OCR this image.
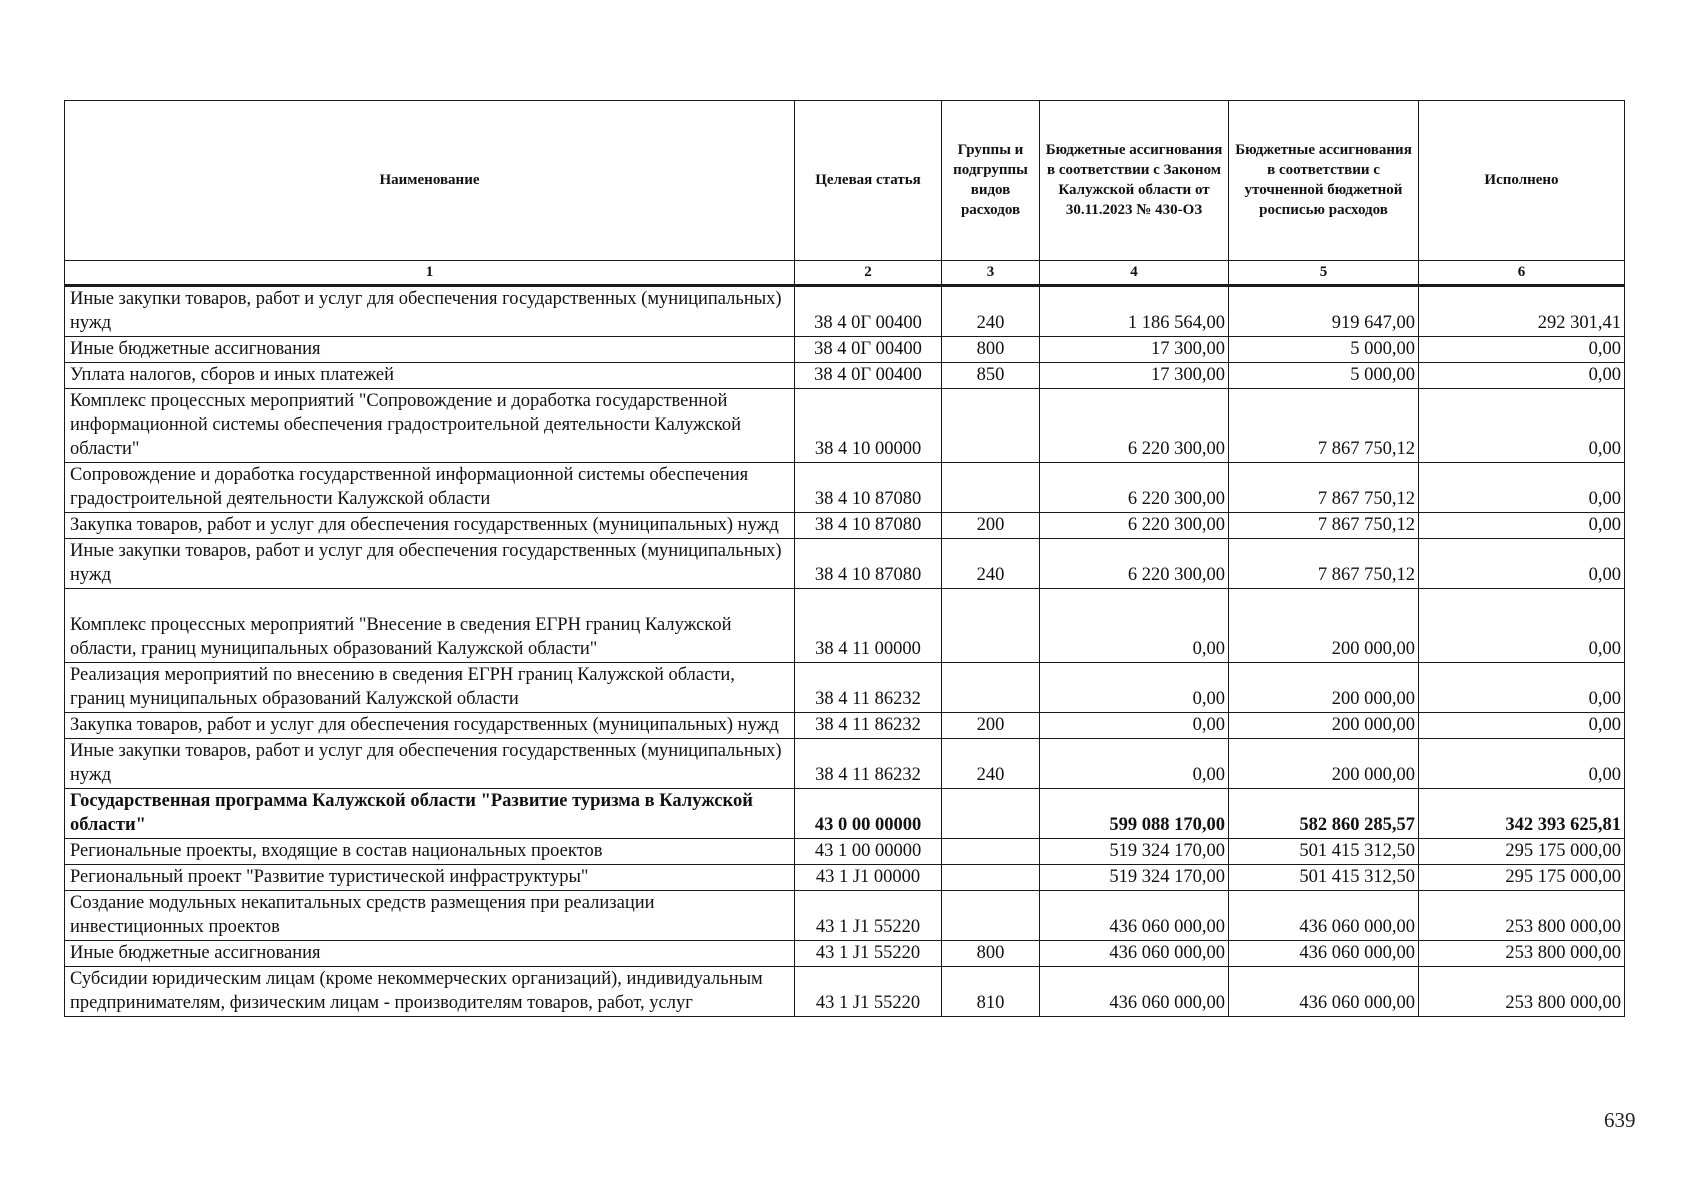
Наименование	Целевая статья	Группы и подгруппы видов расходов	Бюджетные ассигнования в соответствии с Законом Калужской области от 30.11.2023 № 430-ОЗ	Бюджетные ассигнования в соответствии с уточненной бюджетной росписью расходов	Исполнено
1	2	3	4	5	6
Иные закупки товаров, работ и услуг для обеспечения государственных (муниципальных) нужд	38 4 0Г 00400	240	1 186 564,00	919 647,00	292 301,41
Иные бюджетные ассигнования	38 4 0Г 00400	800	17 300,00	5 000,00	0,00
Уплата налогов, сборов и иных платежей	38 4 0Г 00400	850	17 300,00	5 000,00	0,00
Комплекс процессных мероприятий "Сопровождение и доработка государственной информационной системы обеспечения градостроительной деятельности Калужской области"	38 4 10 00000		6 220 300,00	7 867 750,12	0,00
Сопровождение и доработка государственной информационной системы обеспечения градостроительной деятельности Калужской области	38 4 10 87080		6 220 300,00	7 867 750,12	0,00
Закупка товаров, работ и услуг для обеспечения государственных (муниципальных) нужд	38 4 10 87080	200	6 220 300,00	7 867 750,12	0,00
Иные закупки товаров, работ и услуг для обеспечения государственных (муниципальных) нужд	38 4 10 87080	240	6 220 300,00	7 867 750,12	0,00
Комплекс процессных мероприятий "Внесение в сведения ЕГРН границ Калужской области, границ муниципальных образований Калужской области"	38 4 11 00000		0,00	200 000,00	0,00
Реализация мероприятий по внесению в сведения ЕГРН границ Калужской области, границ муниципальных образований Калужской области	38 4 11 86232		0,00	200 000,00	0,00
Закупка товаров, работ и услуг для обеспечения государственных (муниципальных) нужд	38 4 11 86232	200	0,00	200 000,00	0,00
Иные закупки товаров, работ и услуг для обеспечения государственных (муниципальных) нужд	38 4 11 86232	240	0,00	200 000,00	0,00
Государственная программа Калужской области "Развитие туризма в Калужской области"	43 0 00 00000		599 088 170,00	582 860 285,57	342 393 625,81
Региональные проекты, входящие в состав национальных проектов	43 1 00 00000		519 324 170,00	501 415 312,50	295 175 000,00
Региональный проект "Развитие туристической инфраструктуры"	43 1 J1 00000		519 324 170,00	501 415 312,50	295 175 000,00
Создание модульных некапитальных средств размещения при реализации инвестиционных проектов	43 1 J1 55220		436 060 000,00	436 060 000,00	253 800 000,00
Иные бюджетные ассигнования	43 1 J1 55220	800	436 060 000,00	436 060 000,00	253 800 000,00
Субсидии юридическим лицам (кроме некоммерческих организаций), индивидуальным предпринимателям, физическим лицам - производителям товаров, работ, услуг	43 1 J1 55220	810	436 060 000,00	436 060 000,00	253 800 000,00
639
